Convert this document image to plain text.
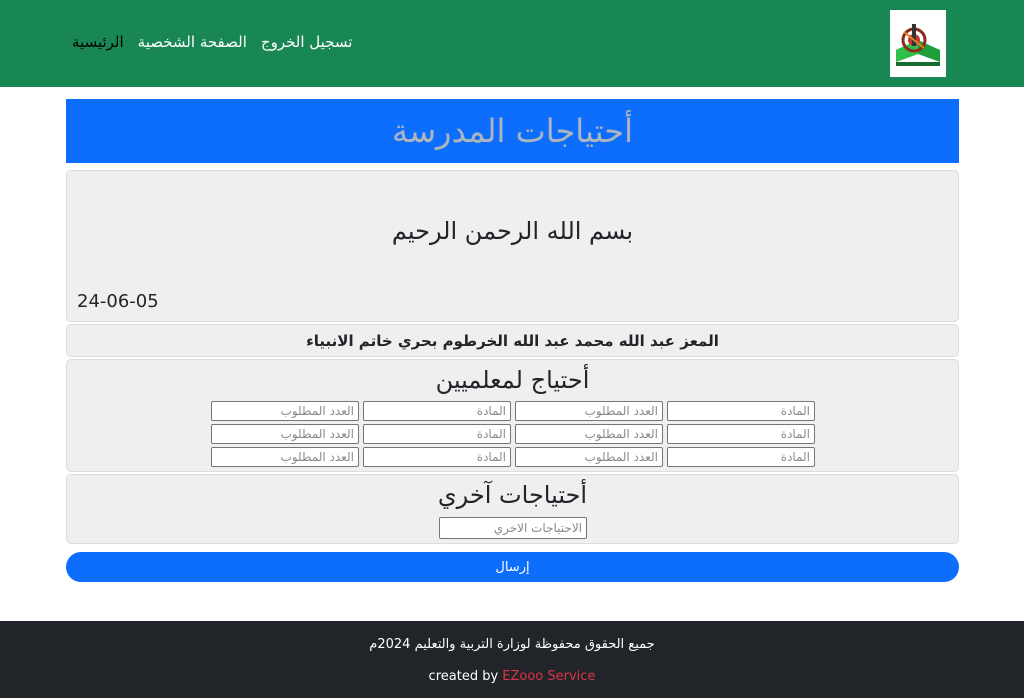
الرئيسية الصفحة الشخصية تسجيل الخروج
أحتياجات المدرسة
بسم الله الرحمن الرحيم
24-06-05
المعز عبد الله محمد عبد الله الخرطوم بحري خاتم الانبياء
أحتياج لمعلميين
المادة
العدد المطلوب
المادة
العدد المطلوب
المادة
العدد المطلوب
المادة
العدد المطلوب
المادة
العدد المطلوب
المادة
العدد المطلوب
أحتياجات آخري
الاحتياجات الاخري
إرسال
جميع الحقوق محفوظة لوزارة التربية والتعليم 2024م
created by EZooo Service
